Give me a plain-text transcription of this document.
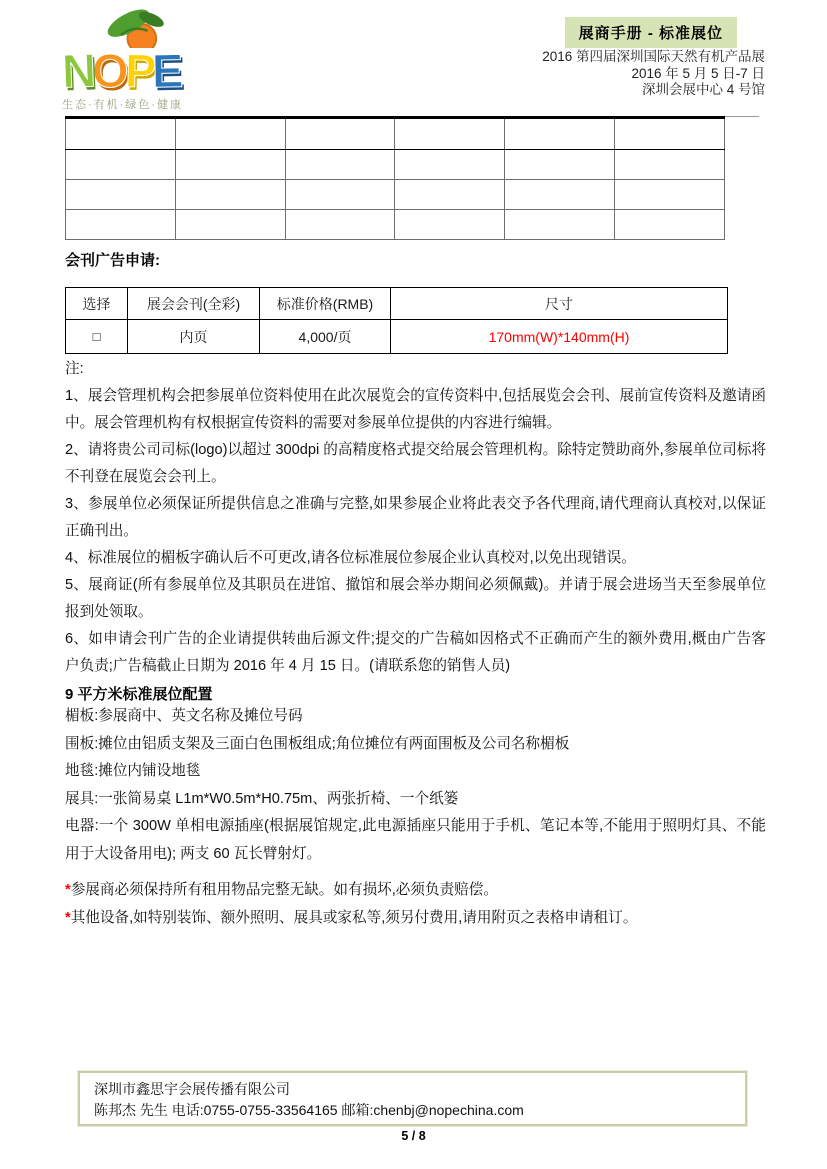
NOPE
生态·有机·绿色·健康
展商手册 - 标准展位
2016 第四届深圳国际天然有机产品展
2016 年 5 月 5 日-7 日
深圳会展中心 4 号馆

会刊广告申请:
选择	展会会刊(全彩)	标准价格(RMB)	尺寸
□	内页	4,000/页	170mm(W)*140mm(H)

注:

1、展会管理机构会把参展单位资料使用在此次展览会的宣传资料中,包括展览会会刊、展前宣传资料及邀请函中。展会管理机构有权根据宣传资料的需要对参展单位提供的内容进行编辑。

2、请将贵公司司标(logo)以超过 300dpi 的高精度格式提交给展会管理机构。除特定赞助商外,参展单位司标将不刊登在展览会会刊上。

3、参展单位必须保证所提供信息之准确与完整,如果参展企业将此表交予各代理商,请代理商认真校对,以保证正确刊出。

4、标准展位的楣板字确认后不可更改,请各位标准展位参展企业认真校对,以免出现错误。

5、展商证(所有参展单位及其职员在进馆、撤馆和展会举办期间必须佩戴)。并请于展会进场当天至参展单位报到处领取。

6、如申请会刊广告的企业请提供转曲后源文件;提交的广告稿如因格式不正确而产生的额外费用,概由广告客户负责;广告稿截止日期为 2016 年 4 月 15 日。(请联系您的销售人员)

9 平方米标准展位配置

楣板:参展商中、英文名称及摊位号码

围板:摊位由铝质支架及三面白色围板组成;角位摊位有两面围板及公司名称楣板

地毯:摊位内铺设地毯

展具:一张简易桌 L1m*W0.5m*H0.75m、两张折椅、一个纸篓

电器:一个 300W 单相电源插座(根据展馆规定,此电源插座只能用于手机、笔记本等,不能用于照明灯具、不能用于大设备用电); 两支 60 瓦长臂射灯。

*参展商必须保持所有租用物品完整无缺。如有损坏,必须负责赔偿。

*其他设备,如特别装饰、额外照明、展具或家私等,须另付费用,请用附页之表格申请租订。

深圳市鑫思宇会展传播有限公司
陈邦杰 先生 电话:0755-0755-33564165 邮箱:chenbj@nopechina.com
5 / 8
